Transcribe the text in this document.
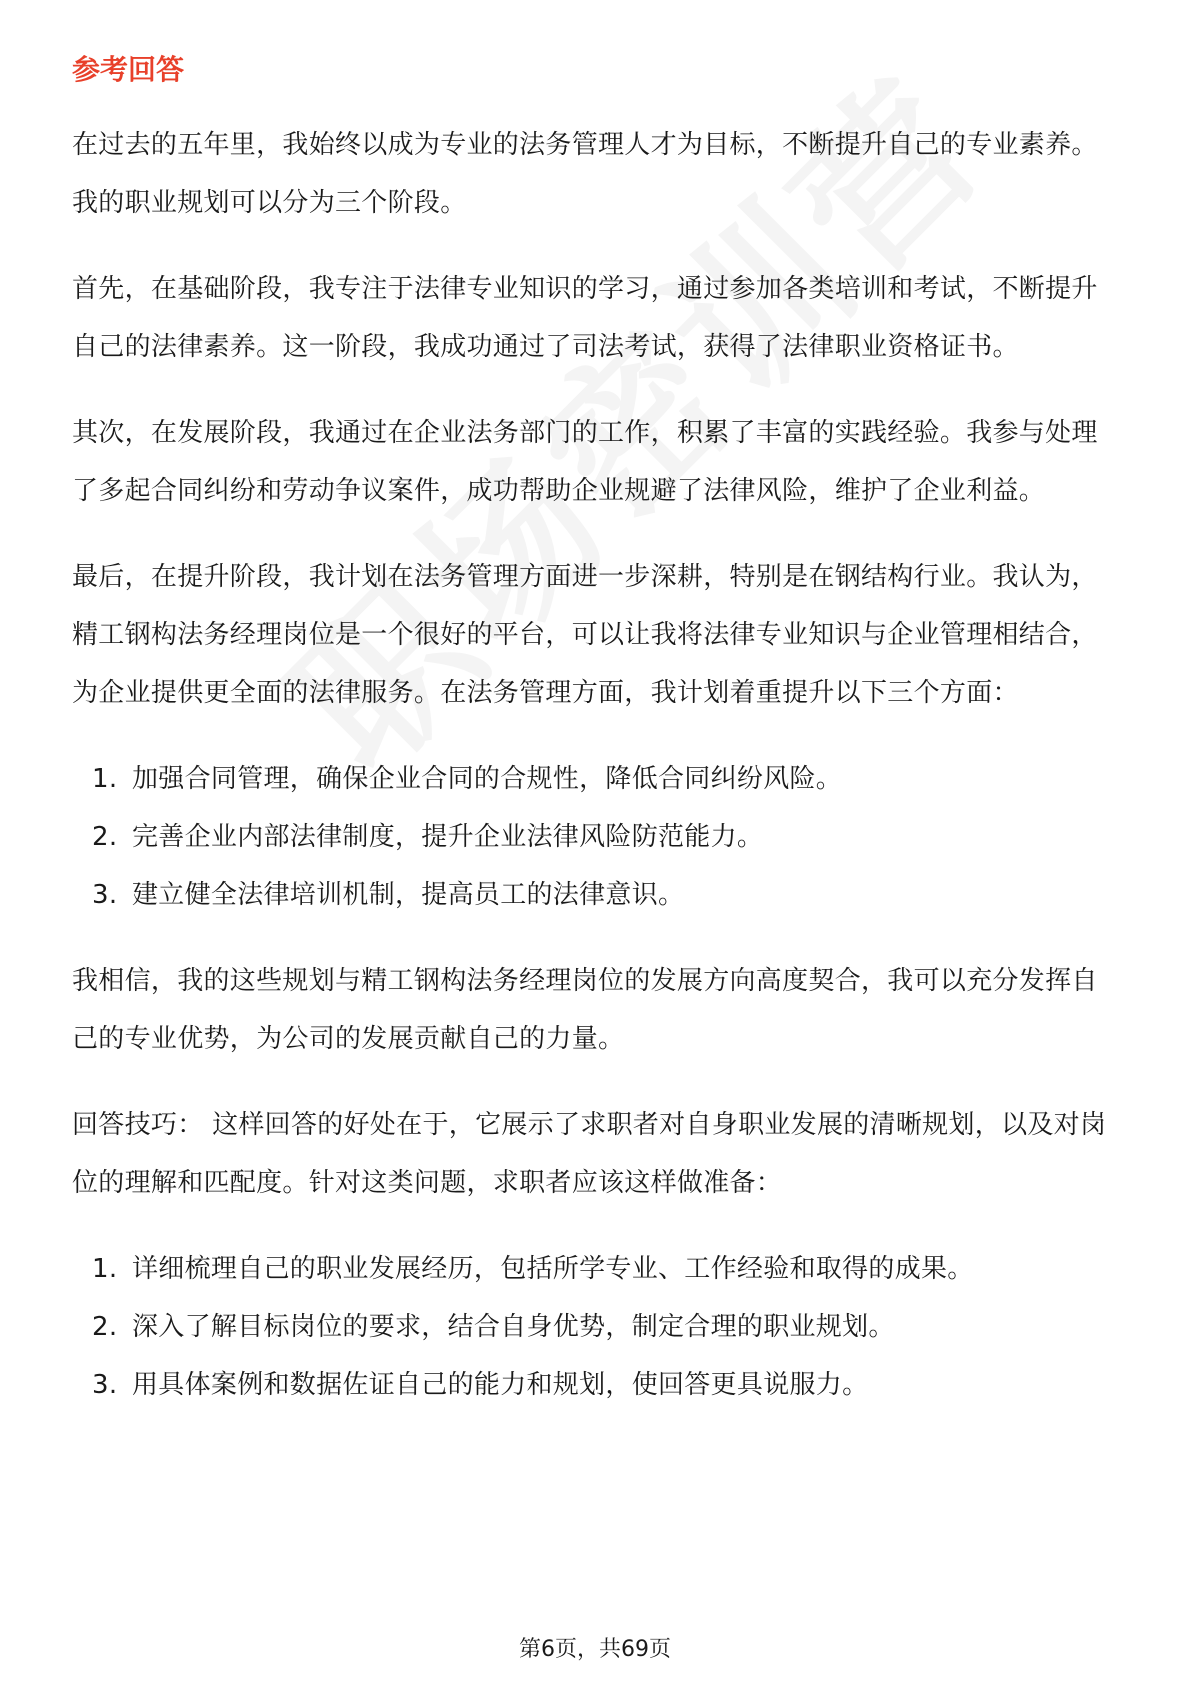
参考回答

在过去的五年里，我始终以成为专业的法务管理人才为目标，不断提升自己的专业素养。我的职业规划可以分为三个阶段。

首先，在基础阶段，我专注于法律专业知识的学习，通过参加各类培训和考试，不断提升自己的法律素养。这一阶段，我成功通过了司法考试，获得了法律职业资格证书。

其次，在发展阶段，我通过在企业法务部门的工作，积累了丰富的实践经验。我参与处理了多起合同纠纷和劳动争议案件，成功帮助企业规避了法律风险，维护了企业利益。

最后，在提升阶段，我计划在法务管理方面进一步深耕，特别是在钢结构行业。我认为，精工钢构法务经理岗位是一个很好的平台，可以让我将法律专业知识与企业管理相结合，为企业提供更全面的法律服务。在法务管理方面，我计划着重提升以下三个方面：

1. 加强合同管理，确保企业合同的合规性，降低合同纠纷风险。
2. 完善企业内部法律制度，提升企业法律风险防范能力。
3. 建立健全法律培训机制，提高员工的法律意识。

我相信，我的这些规划与精工钢构法务经理岗位的发展方向高度契合，我可以充分发挥自己的专业优势，为公司的发展贡献自己的力量。

回答技巧： 这样回答的好处在于，它展示了求职者对自身职业发展的清晰规划，以及对岗位的理解和匹配度。针对这类问题，求职者应该这样做准备：

1. 详细梳理自己的职业发展经历，包括所学专业、工作经验和取得的成果。
2. 深入了解目标岗位的要求，结合自身优势，制定合理的职业规划。
3. 用具体案例和数据佐证自己的能力和规划，使回答更具说服力。
第6页，共69页
